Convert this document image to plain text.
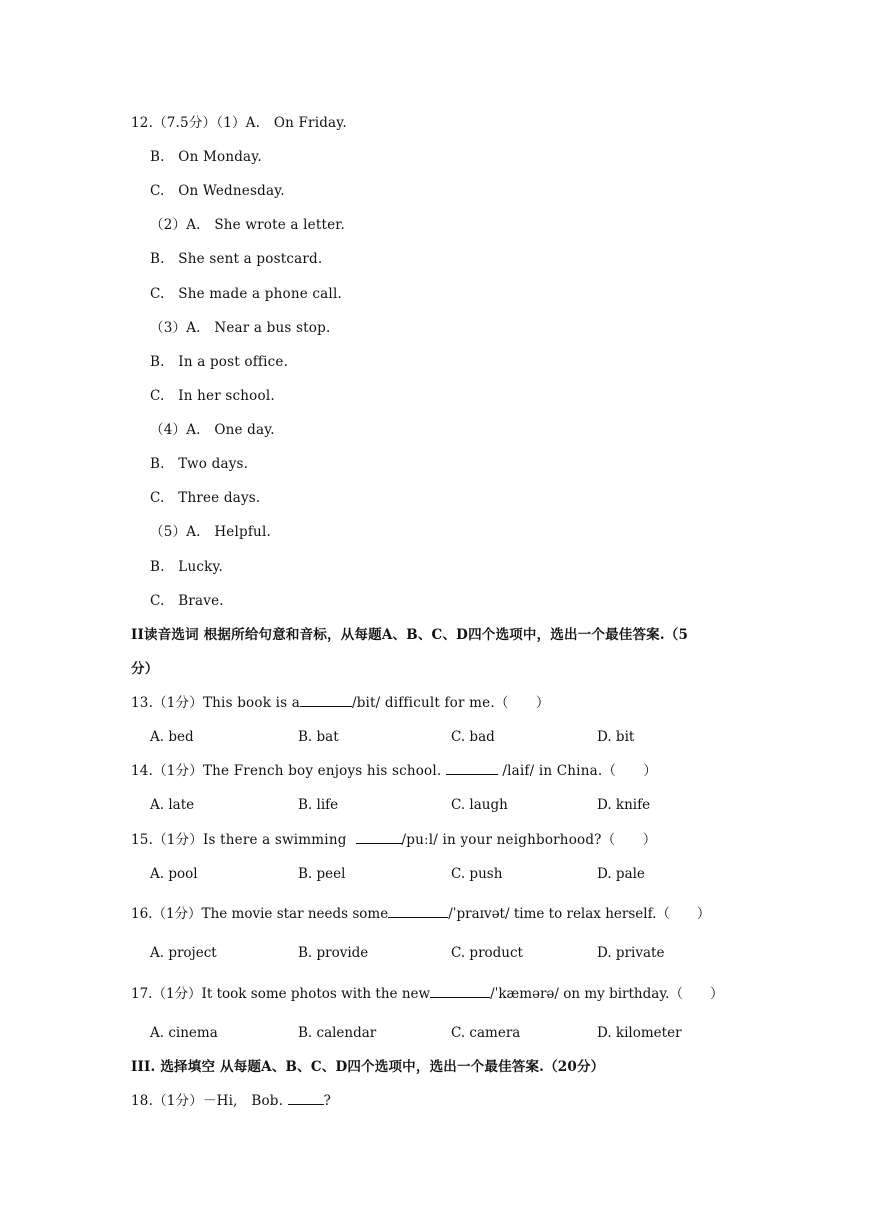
12.（7.5分）（1）A.　On Friday.
B.　On Monday.
C.　On Wednesday.
（2）A.　She wrote a letter.
B.　She sent a postcard.
C.　She made a phone call.
（3）A.　Near a bus stop.
B.　In a post office.
C.　In her school.
（4）A.　One day.
B.　Two days.
C.　Three days.
（5）A.　Helpful.
B.　Lucky.
C.　Brave.
II读音选词 根据所给句意和音标，从每题A、B、C、D四个选项中，选出一个最佳答案.（5
分）
13.（1分）This book is a	/bit/ difficult for me.（　　）
A. bed	B. bat	C. bad	D. bit
14.（1分）The French boy enjoys his school.	/laif/ in China.（　　）
A. late	B. life	C. laugh	D. knife
15.（1分）Is there a swimming	/puːl/ in your neighborhood?（　　）
A. pool	B. peel	C. push	D. pale
16.（1分）The movie star needs some	/ˈpraɪvət/ time to relax herself.（　　）
A. project	B. provide	C. product	D. private
17.（1分）It took some photos with the new	/ˈkæmərə/ on my birthday.（　　）
A. cinema	B. calendar	C. camera	D. kilometer
III. 选择填空 从每题A、B、C、D四个选项中，选出一个最佳答案.（20分）
18.（1分）－Hi,　Bob.	?
